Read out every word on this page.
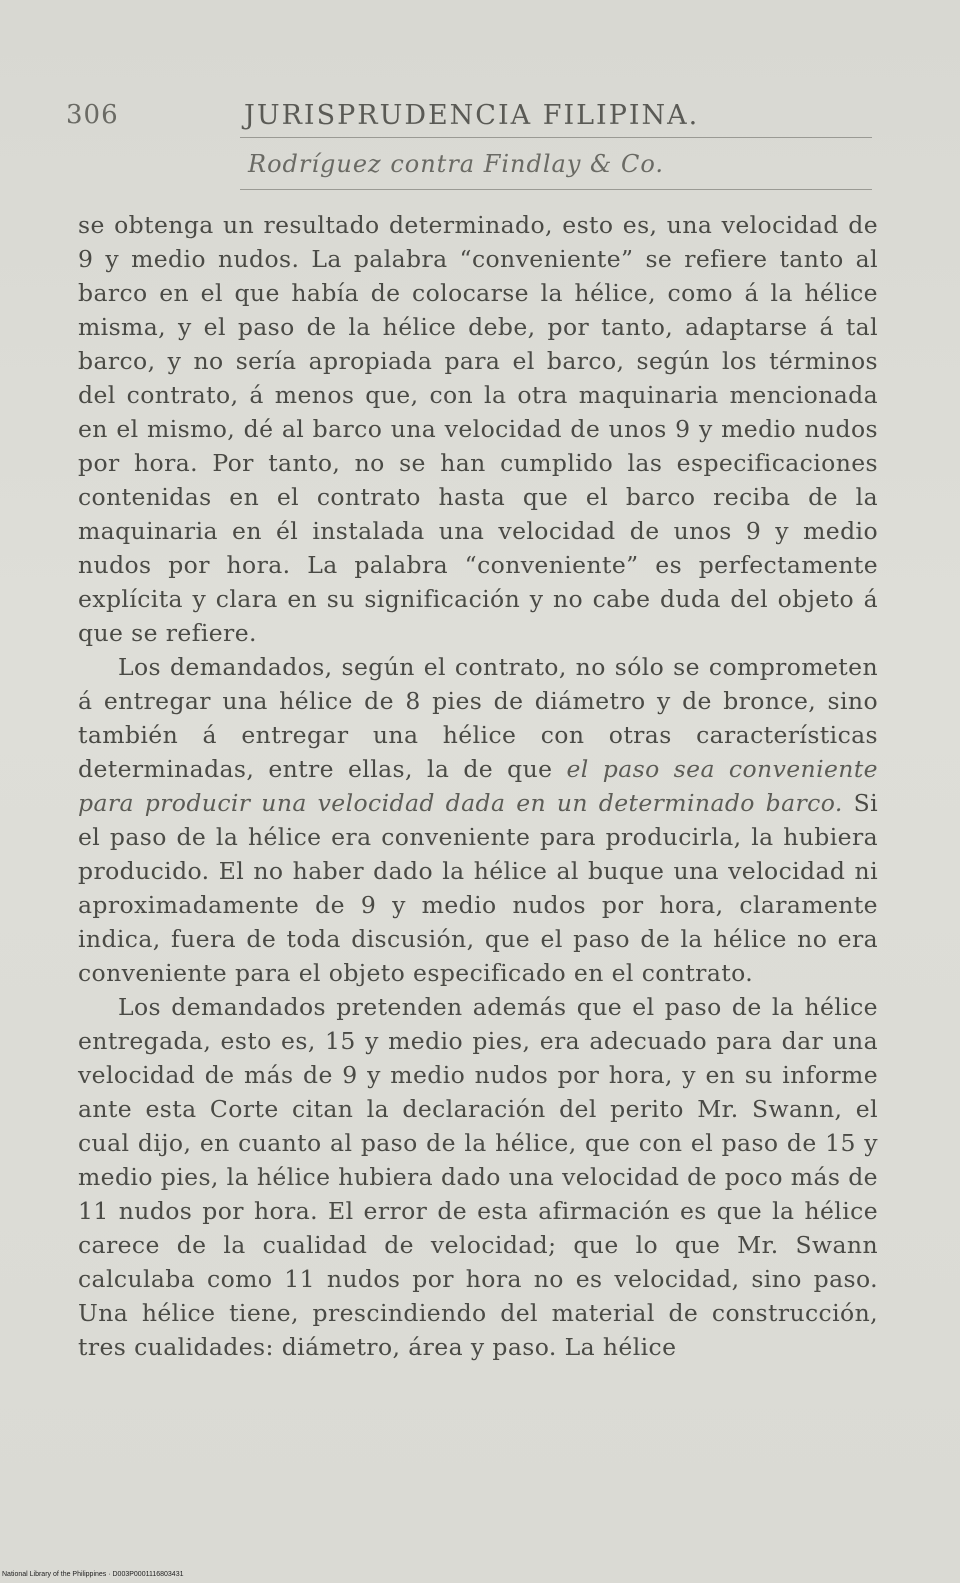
306	JURISPRUDENCIA FILIPINA.
Rodríguez contra Findlay & Co.

se obtenga un resultado determinado, esto es, una velocidad de 9 y medio nudos. La palabra “conveniente” se refiere tanto al barco en el que había de colocarse la hélice, como á la hélice misma, y el paso de la hélice debe, por tanto, adaptarse á tal barco, y no sería apropiada para el barco, según los términos del contrato, á menos que, con la otra maquinaria mencionada en el mismo, dé al barco una velocidad de unos 9 y medio nudos por hora. Por tanto, no se han cumplido las especificaciones contenidas en el contrato hasta que el barco reciba de la maquinaria en él instalada una velocidad de unos 9 y medio nudos por hora. La palabra “conveniente” es perfectamente explícita y clara en su significación y no cabe duda del objeto á que se refiere.

Los demandados, según el contrato, no sólo se comprometen á entregar una hélice de 8 pies de diámetro y de bronce, sino también á entregar una hélice con otras características determinadas, entre ellas, la de que el paso sea conveniente para producir una velocidad dada en un determinado barco. Si el paso de la hélice era conveniente para producirla, la hubiera producido. El no haber dado la hélice al buque una velocidad ni aproximadamente de 9 y medio nudos por hora, claramente indica, fuera de toda discusión, que el paso de la hélice no era conveniente para el objeto especificado en el contrato.

Los demandados pretenden además que el paso de la hélice entregada, esto es, 15 y medio pies, era adecuado para dar una velocidad de más de 9 y medio nudos por hora, y en su informe ante esta Corte citan la declaración del perito Mr. Swann, el cual dijo, en cuanto al paso de la hélice, que con el paso de 15 y medio pies, la hélice hubiera dado una velocidad de poco más de 11 nudos por hora. El error de esta afirmación es que la hélice carece de la cualidad de velocidad; que lo que Mr. Swann calculaba como 11 nudos por hora no es velocidad, sino paso. Una hélice tiene, prescindiendo del material de construcción, tres cualidades: diámetro, área y paso. La hélice

National Library of the Philippines · D003P0001116803431
